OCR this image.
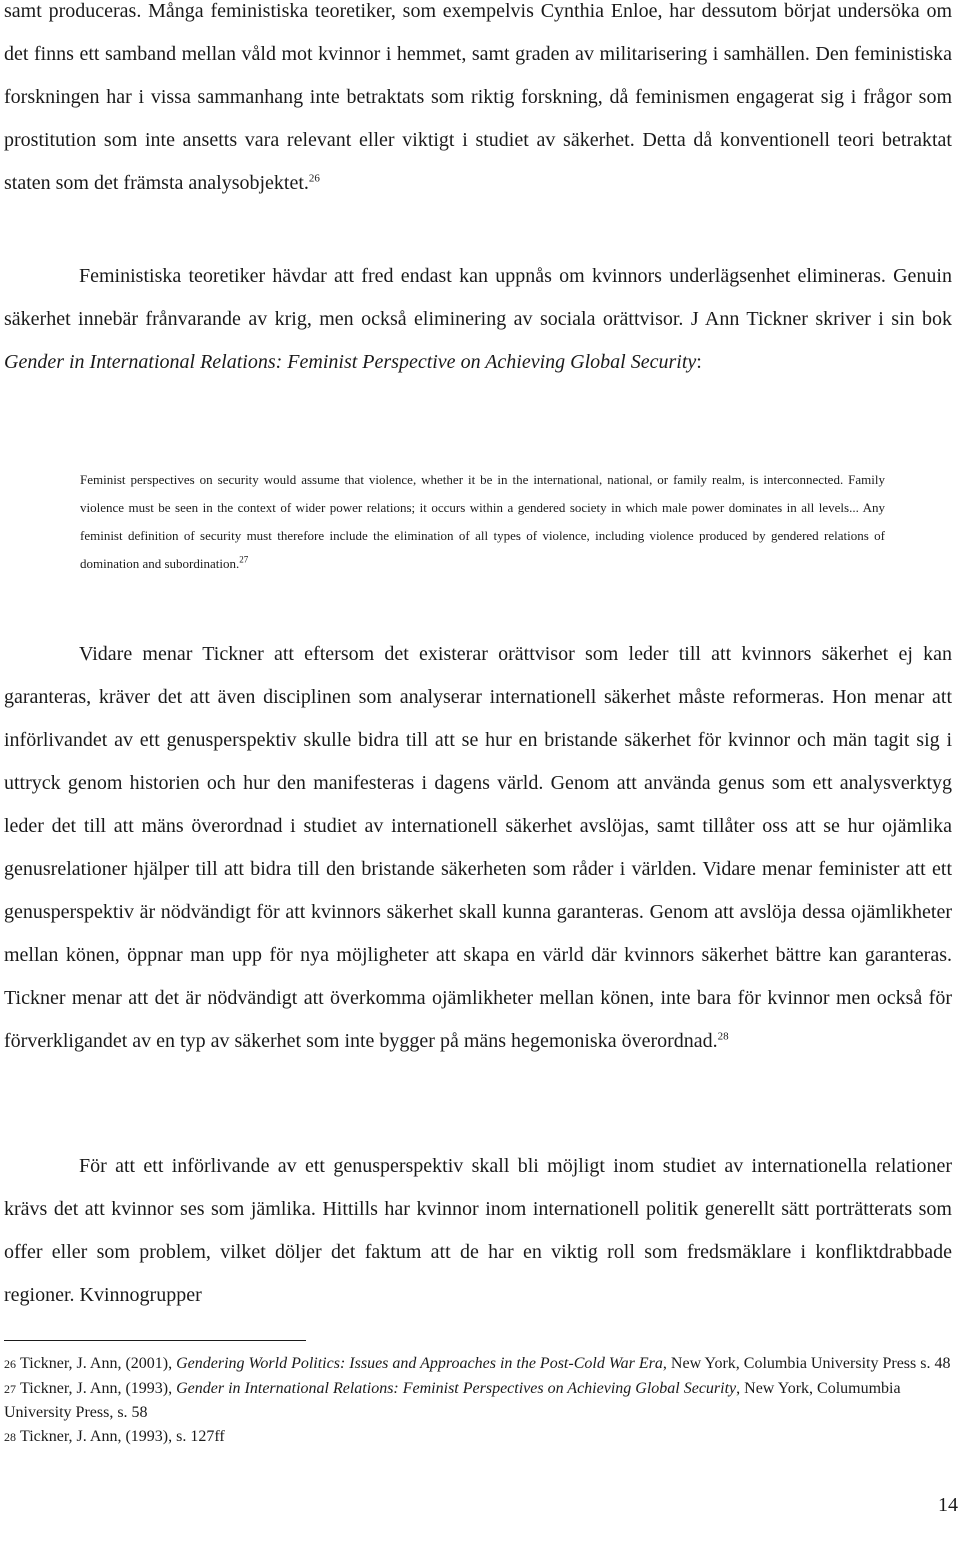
samt produceras. Många feministiska teoretiker, som exempelvis Cynthia Enloe, har dessutom börjat undersöka om det finns ett samband mellan våld mot kvinnor i hemmet, samt graden av militarisering i samhällen. Den feministiska forskningen har i vissa sammanhang inte betraktats som riktig forskning, då feminismen engagerat sig i frågor som prostitution som inte ansetts vara relevant eller viktigt i studiet av säkerhet. Detta då konventionell teori betraktat staten som det främsta analysobjektet.$^{26}$

Feministiska teoretiker hävdar att fred endast kan uppnås om kvinnors underlägsenhet elimineras. Genuin säkerhet innebär frånvarande av krig, men också eliminering av sociala orättvisor. J Ann Tickner skriver i sin bok Gender in International Relations: Feminist Perspective on Achieving Global Security:

Feminist perspectives on security would assume that violence, whether it be in the international, national, or family realm, is interconnected. Family violence must be seen in the context of wider power relations; it occurs within a gendered society in which male power dominates in all levels... Any feminist definition of security must therefore include the elimination of all types of violence, including violence produced by gendered relations of domination and subordination.$^{27}$

Vidare menar Tickner att eftersom det existerar orättvisor som leder till att kvinnors säkerhet ej kan garanteras, kräver det att även disciplinen som analyserar internationell säkerhet måste reformeras. Hon menar att införlivandet av ett genusperspektiv skulle bidra till att se hur en bristande säkerhet för kvinnor och män tagit sig i uttryck genom historien och hur den manifesteras i dagens värld. Genom att använda genus som ett analysverktyg leder det till att mäns överordnad i studiet av internationell säkerhet avslöjas, samt tillåter oss att se hur ojämlika genusrelationer hjälper till att bidra till den bristande säkerheten som råder i världen. Vidare menar feminister att ett genusperspektiv är nödvändigt för att kvinnors säkerhet skall kunna garanteras. Genom att avslöja dessa ojämlikheter mellan könen, öppnar man upp för nya möjligheter att skapa en värld där kvinnors säkerhet bättre kan garanteras. Tickner menar att det är nödvändigt att överkomma ojämlikheter mellan könen, inte bara för kvinnor men också för förverkligandet av en typ av säkerhet som inte bygger på mäns hegemoniska överordnad.$^{28}$

För att ett införlivande av ett genusperspektiv skall bli möjligt inom studiet av internationella relationer krävs det att kvinnor ses som jämlika. Hittills har kvinnor inom internationell politik generellt sätt porträtterats som offer eller som problem, vilket döljer det faktum att de har en viktig roll som fredsmäklare i konfliktdrabbade regioner. Kvinnogrupper

26 Tickner, J. Ann, (2001), Gendering World Politics: Issues and Approaches in the Post-Cold War Era, New York, Columbia University Press s. 48

27 Tickner, J. Ann, (1993), Gender in International Relations: Feminist Perspectives on Achieving Global Security, New York, Columumbia University Press, s. 58

28 Tickner, J. Ann, (1993), s. 127ff

14
